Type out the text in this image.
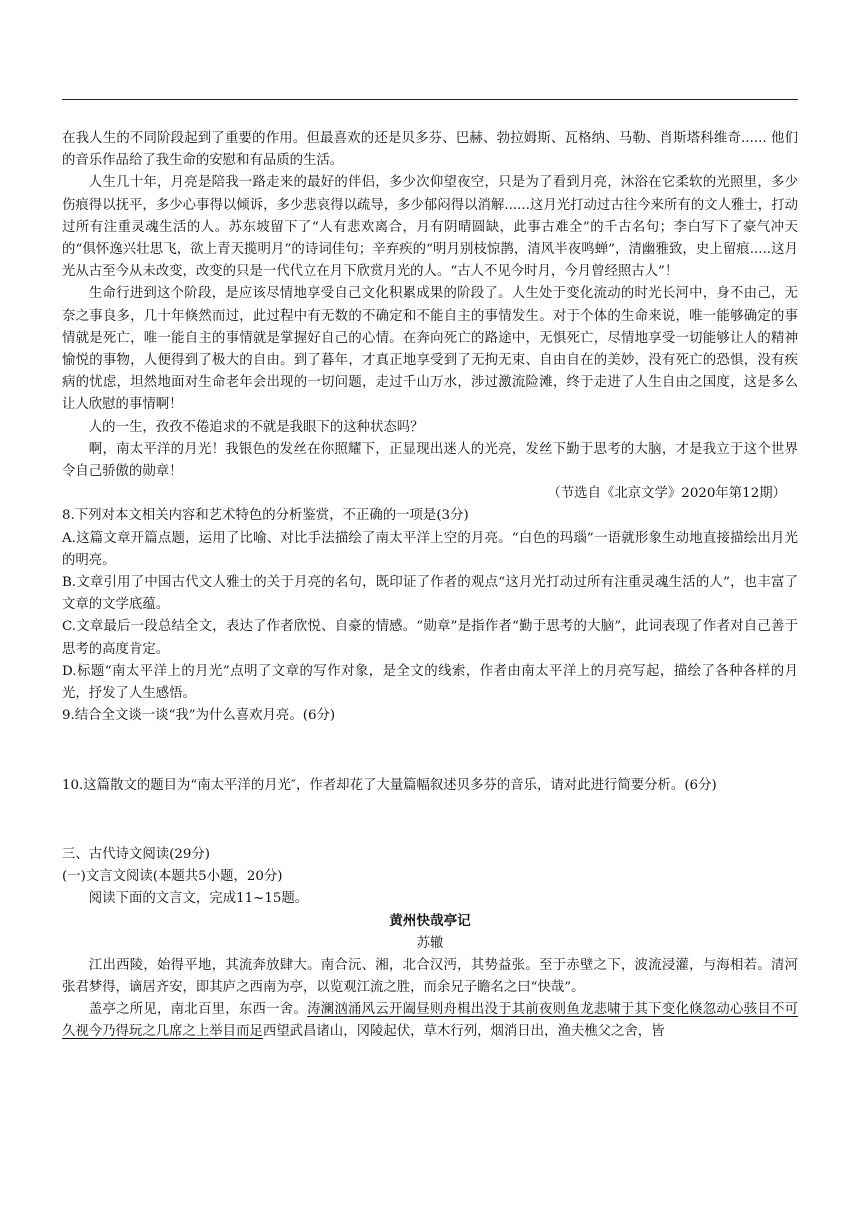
在我人生的不同阶段起到了重要的作用。但最喜欢的还是贝多芬、巴赫、勃拉姆斯、瓦格纳、马勒、肖斯塔科维奇...... 他们的音乐作品给了我生命的安慰和有品质的生活。

人生几十年，月亮是陪我一路走来的最好的伴侣，多少次仰望夜空，只是为了看到月亮，沐浴在它柔软的光照里，多少伤痕得以抚平，多少心事得以倾诉，多少悲哀得以疏导，多少郁闷得以消解......这月光打动过古往今来所有的文人雅士，打动过所有注重灵魂生活的人。苏东坡留下了“人有悲欢离合，月有阴晴圆缺，此事古难全”的千古名句；李白写下了豪气冲天的“俱怀逸兴壮思飞，欲上青天揽明月”的诗词佳句；辛弃疾的“明月别枝惊鹊，清风半夜鸣蝉”，清幽雅致，史上留痕.....这月光从古至今从未改变，改变的只是一代代立在月下欣赏月光的人。“古人不见今时月，今月曾经照古人”！

生命行进到这个阶段，是应该尽情地享受自己文化积累成果的阶段了。人生处于变化流动的时光长河中，身不由己，无奈之事良多，几十年倏然而过，此过程中有无数的不确定和不能自主的事情发生。对于个体的生命来说，唯一能够确定的事情就是死亡，唯一能自主的事情就是掌握好自己的心情。在奔向死亡的路途中，无惧死亡，尽情地享受一切能够让人的精神愉悦的事物，人便得到了极大的自由。到了暮年，才真正地享受到了无拘无束、自由自在的美妙，没有死亡的恐惧，没有疾病的忧虑，坦然地面对生命老年会出现的一切问题，走过千山万水，涉过激流险滩，终于走进了人生自由之国度，这是多么让人欣慰的事情啊！

人的一生，孜孜不倦追求的不就是我眼下的这种状态吗？

啊，南太平洋的月光！我银色的发丝在你照耀下，正显现出迷人的光亮，发丝下勤于思考的大脑，才是我立于这个世界令自己骄傲的勋章！

（节选自《北京文学》2020年第12期）

8.下列对本文相关内容和艺术特色的分析鉴赏，不正确的一项是(3分)

A.这篇文章开篇点题，运用了比喻、对比手法描绘了南太平洋上空的月亮。“白色的玛瑙”一语就形象生动地直接描绘出月光的明亮。

B.文章引用了中国古代文人雅士的关于月亮的名句，既印证了作者的观点“这月光打动过所有注重灵魂生活的人”，也丰富了文章的文学底蕴。

C.文章最后一段总结全文，表达了作者欣悦、自豪的情感。“勋章”是指作者“勤于思考的大脑”，此词表现了作者对自己善于思考的高度肯定。

D.标题“南太平洋上的月光”点明了文章的写作对象，是全文的线索，作者由南太平洋上的月亮写起，描绘了各种各样的月光，抒发了人生感悟。

9.结合全文谈一谈“我”为什么喜欢月亮。(6分)

10.这篇散文的题目为“南太平洋的月光″，作者却花了大量篇幅叙述贝多芬的音乐，请对此进行简要分析。(6分)

三、古代诗文阅读(29分)

(一)文言文阅读(本题共5小题，20分)

阅读下面的文言文，完成11~15题。

黄州快哉亭记

苏辙

江出西陵，始得平地，其流奔放肆大。南合沅、湘，北合汉沔，其势益张。至于赤壁之下，波流浸灌，与海相若。清河张君梦得，谪居齐安，即其庐之西南为亭，以览观江流之胜，而余兄子瞻名之曰“快哉”。

盖亭之所见，南北百里，东西一舍。涛澜汹涌风云开阖昼则舟楫出没于其前夜则鱼龙悲啸于其下变化倏忽动心骇目不可久视今乃得玩之几席之上举目而足西望武昌诸山，冈陵起伏，草木行列，烟消日出，渔夫樵父之舍，皆
